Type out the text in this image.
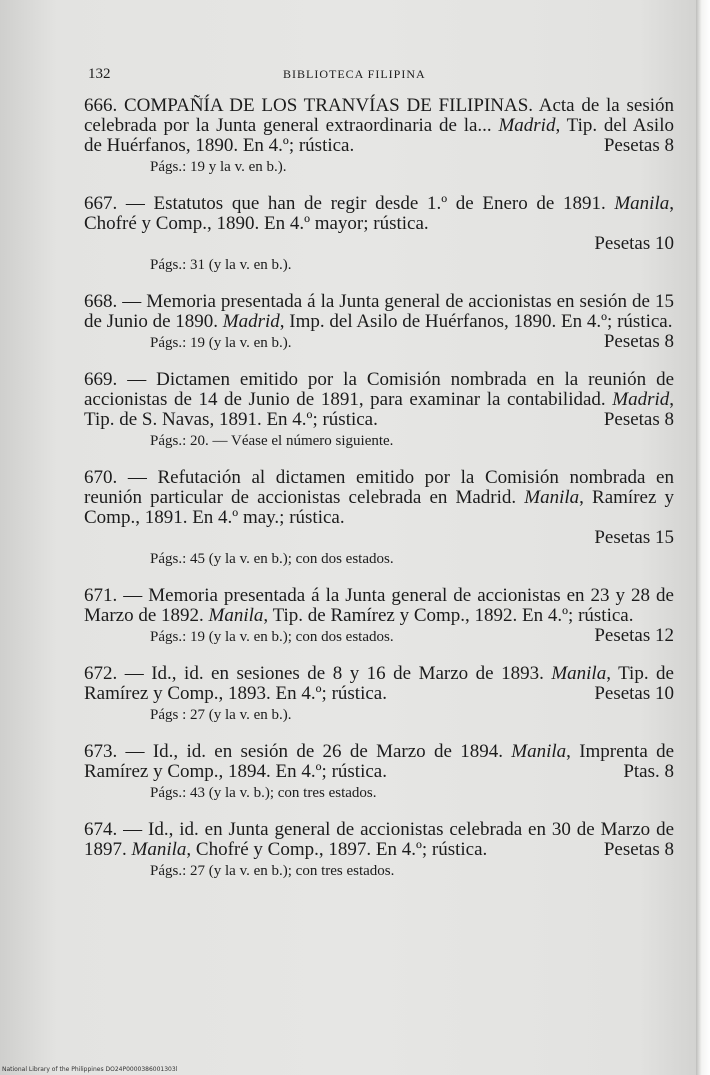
132	BIBLIOTECA FILIPINA
666. COMPAÑÍA DE LOS TRANVÍAS DE FILIPINAS. Acta de la sesión celebrada por la Junta general extraordinaria de la... Madrid, Tip. del Asilo de Huérfanos, 1890. En 4.º; rústica.	Pesetas 8
Págs.: 19 y la v. en b.).
667. — Estatutos que han de regir desde 1.º de Enero de 1891. Manila, Chofré y Comp., 1890. En 4.º mayor; rústica.
Pesetas 10
Págs.: 31 (y la v. en b.).
668. — Memoria presentada á la Junta general de accionistas en sesión de 15 de Junio de 1890. Madrid, Imp. del Asilo de Huérfanos, 1890. En 4.º; rústica.
Pesetas 8
Págs.: 19 (y la v. en b.).
669. — Dictamen emitido por la Comisión nombrada en la reunión de accionistas de 14 de Junio de 1891, para examinar la contabilidad. Madrid, Tip. de S. Navas, 1891. En 4.º; rústica.	Pesetas 8
Págs.: 20. — Véase el número siguiente.
670. — Refutación al dictamen emitido por la Comisión nombrada en reunión particular de accionistas celebrada en Madrid. Manila, Ramírez y Comp., 1891. En 4.º may.; rústica.
Pesetas 15
Págs.: 45 (y la v. en b.); con dos estados.
671. — Memoria presentada á la Junta general de accionistas en 23 y 28 de Marzo de 1892. Manila, Tip. de Ramírez y Comp., 1892. En 4.º; rústica.
Pesetas 12
Págs.: 19 (y la v. en b.); con dos estados.
672. — Id., id. en sesiones de 8 y 16 de Marzo de 1893. Manila, Tip. de Ramírez y Comp., 1893. En 4.º; rústica.	Pesetas 10
Págs : 27 (y la v. en b.).
673. — Id., id. en sesión de 26 de Marzo de 1894. Manila, Imprenta de Ramírez y Comp., 1894. En 4.º; rústica.	Ptas. 8
Págs.: 43 (y la v. b.); con tres estados.
674. — Id., id. en Junta general de accionistas celebrada en 30 de Marzo de 1897. Manila, Chofré y Comp., 1897. En 4.º; rústica.	Pesetas 8
Págs.: 27 (y la v. en b.); con tres estados.
National Library of the Philippines DO24P0000386001303l
